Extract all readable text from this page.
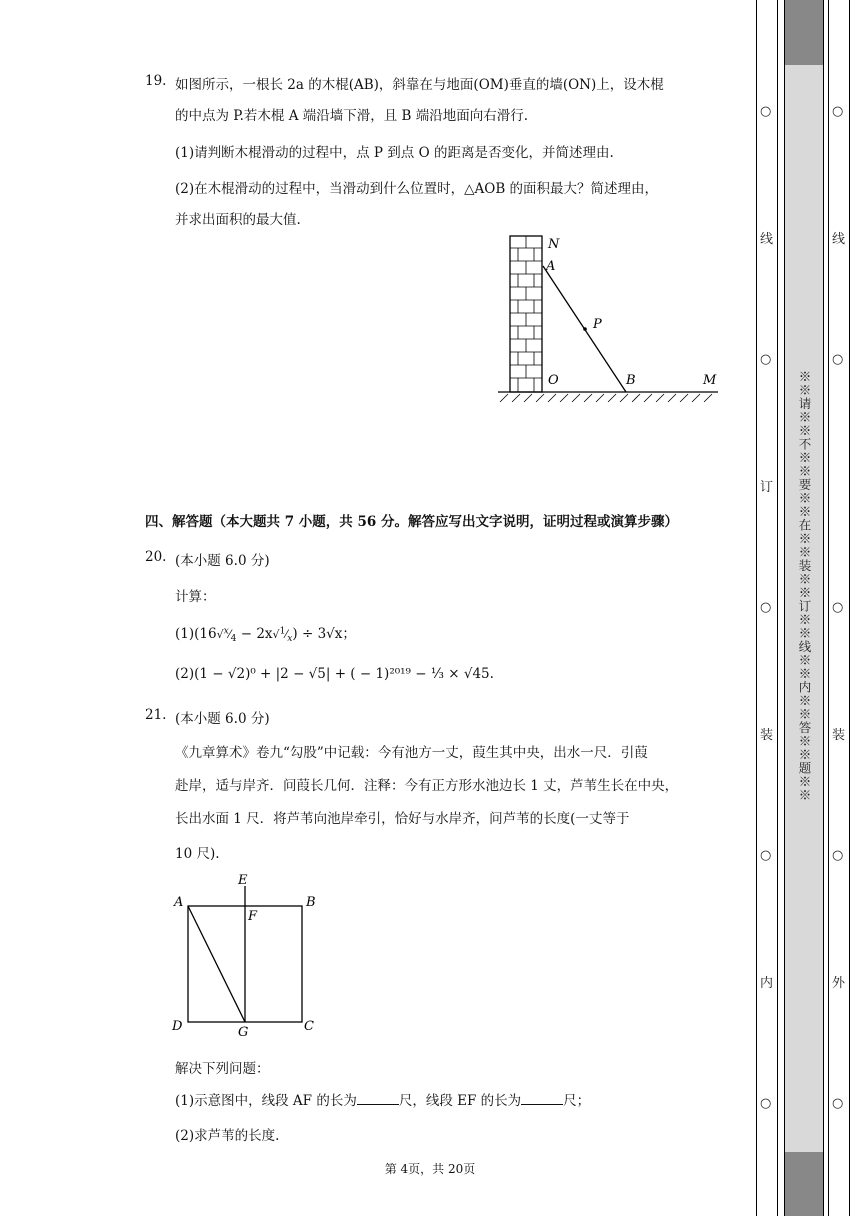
19. 如图所示，一根长 2a 的木棍(AB)，斜靠在与地面(OM)垂直的墙(ON)上，设木棍
的中点为 P.若木棍 A 端沿墙下滑，且 B 端沿地面向右滑行.
(1)请判断木棍滑动的过程中，点 P 到点 O 的距离是否变化，并简述理由.
(2)在木棍滑动的过程中，当滑动到什么位置时，△AOB 的面积最大？简述理由，
并求出面积的最大值.
N
A
P
O	B	M
四、解答题（本大题共 7 小题，共 56 分。解答应写出文字说明，证明过程或演算步骤）
20. (本小题 6.0 分)
计算：
$(1)(16√^x⁄_4$ − $2x√^1⁄_x) \div 3√x$；
(2)(1 − √2)⁰ + |2 − √5| + ( − 1)²⁰¹⁹ − ⅓ × √45.
21. (本小题 6.0 分)
《九章算术》卷九“勾股”中记载：今有池方一丈，葭生其中央，出水一尺．引葭
赴岸，适与岸齐．问葭长几何．注释：今有正方形水池边长 1 丈，芦苇生长在中央，
长出水面 1 尺．将芦苇向池岸牵引，恰好与水岸齐，问芦苇的长度(一丈等于
10 尺).
E
A	B
F
D	G	C
解决下列问题：
(1)示意图中，线段 AF 的长为	尺，线段 EF 的长为	尺；
(2)求芦苇的长度.
第 4页，共 20页
※※请※※不※※要※※在※※装※※订※※线※※内※※答※※题※※
○
线
○
订
○
装
○
内
○
○
线
○
○
装
○
外
○
